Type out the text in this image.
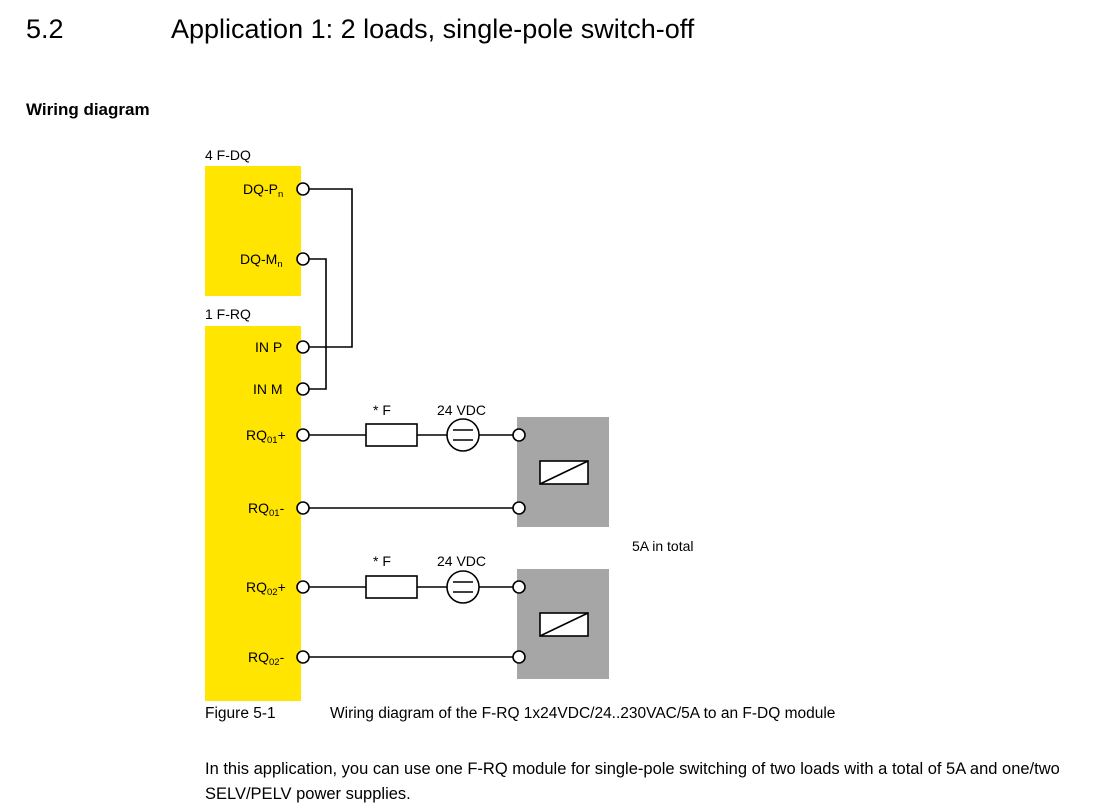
5.2	Application 1: 2 loads, single-pole switch-off
Wiring diagram
4 F-DQ
1 F-RQ
$DQ-P_n$
$DQ-M_n$
IN P
IN M
$RQ_{01}+$
$RQ_{01}-$
$RQ_{02}+$
$RQ_{02}-$
* F	24 VDC
* F	24 VDC
5A in total
Figure 5-1	Wiring diagram of the F-RQ 1x24VDC/24..230VAC/5A to an F-DQ module
In this application, you can use one F-RQ module for single-pole switching of two loads with a total of 5A and one/two SELV/PELV power supplies.
